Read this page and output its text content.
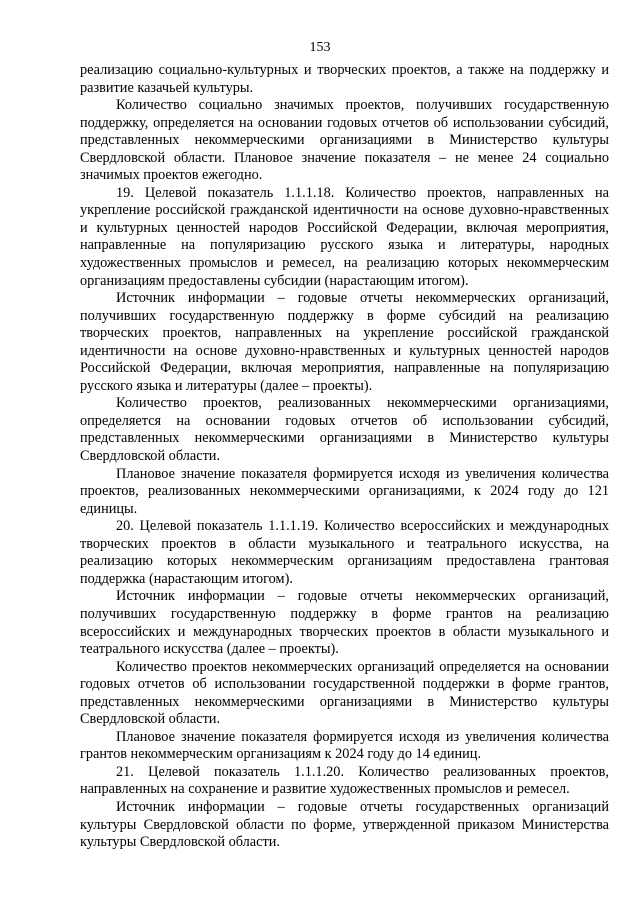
153

реализацию социально-культурных и творческих проектов, а также на поддержку и развитие казачьей культуры.

Количество социально значимых проектов, получивших государственную поддержку, определяется на основании годовых отчетов об использовании субсидий, представленных некоммерческими организациями в Министерство культуры Свердловской области. Плановое значение показателя – не менее 24 социально значимых проектов ежегодно.

19. Целевой показатель 1.1.1.18. Количество проектов, направленных на укрепление российской гражданской идентичности на основе духовно-нравственных и культурных ценностей народов Российской Федерации, включая мероприятия, направленные на популяризацию русского языка и литературы, народных художественных промыслов и ремесел, на реализацию которых некоммерческим организациям предоставлены субсидии (нарастающим итогом).

Источник информации – годовые отчеты некоммерческих организаций, получивших государственную поддержку в форме субсидий на реализацию творческих проектов, направленных на укрепление российской гражданской идентичности на основе духовно-нравственных и культурных ценностей народов Российской Федерации, включая мероприятия, направленные на популяризацию русского языка и литературы (далее – проекты).

Количество проектов, реализованных некоммерческими организациями, определяется на основании годовых отчетов об использовании субсидий, представленных некоммерческими организациями в Министерство культуры Свердловской области.

Плановое значение показателя формируется исходя из увеличения количества проектов, реализованных некоммерческими организациями, к 2024 году до 121 единицы.

20. Целевой показатель 1.1.1.19. Количество всероссийских и международных творческих проектов в области музыкального и театрального искусства, на реализацию которых некоммерческим организациям предоставлена грантовая поддержка (нарастающим итогом).

Источник информации – годовые отчеты некоммерческих организаций, получивших государственную поддержку в форме грантов на реализацию всероссийских и международных творческих проектов в области музыкального и театрального искусства (далее – проекты).

Количество проектов некоммерческих организаций определяется на основании годовых отчетов об использовании государственной поддержки в форме грантов, представленных некоммерческими организациями в Министерство культуры Свердловской области.

Плановое значение показателя формируется исходя из увеличения количества грантов некоммерческим организациям к 2024 году до 14 единиц.

21. Целевой показатель 1.1.1.20. Количество реализованных проектов, направленных на сохранение и развитие художественных промыслов и ремесел.

Источник информации – годовые отчеты государственных организаций культуры Свердловской области по форме, утвержденной приказом Министерства культуры Свердловской области.
